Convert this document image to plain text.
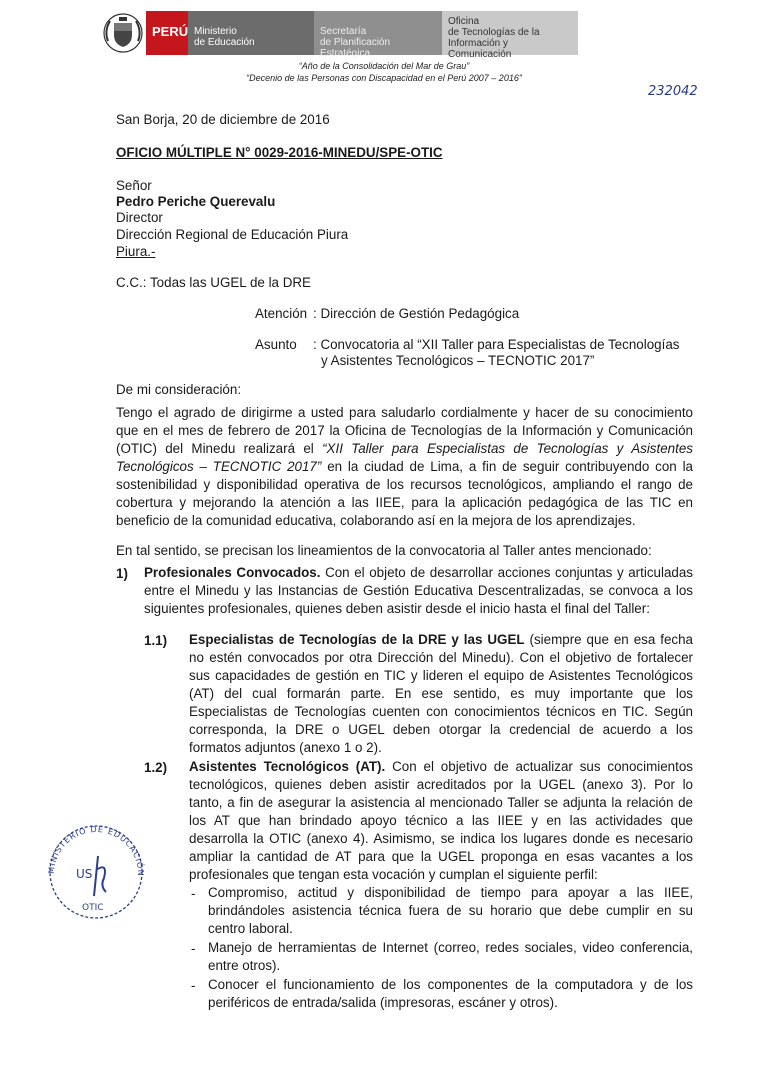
PERÚ Ministerio
de Educación
Secretaría
de Planificación Estratégica
Oficina
de Tecnologías de la
Información y Comunicación
“Año de la Consolidación del Mar de Grau”
“Decenio de las Personas con Discapacidad en el Perú 2007 – 2016”
232042
San Borja, 20 de diciembre de 2016
OFICIO MÚLTIPLE N° 0029-2016-MINEDU/SPE-OTIC
Señor
Pedro Periche Querevalu
Director
Dirección Regional de Educación Piura
Piura.-
C.C.: Todas las UGEL de la DRE
Atención : Dirección de Gestión Pedagógica
Asunto : Convocatoria al “XII Taller para Especialistas de Tecnologías
y Asistentes Tecnológicos – TECNOTIC 2017”
De mi consideración:
Tengo el agrado de dirigirme a usted para saludarlo cordialmente y hacer de su conocimiento
que en el mes de febrero de 2017 la Oficina de Tecnologías de la Información y Comunicación
(OTIC) del Minedu realizará el “XII Taller para Especialistas de Tecnologías y Asistentes
Tecnológicos – TECNOTIC 2017” en la ciudad de Lima, a fin de seguir contribuyendo con la
sostenibilidad y disponibilidad operativa de los recursos tecnológicos, ampliando el rango de
cobertura y mejorando la atención a las IIEE, para la aplicación pedagógica de las TIC en
beneficio de la comunidad educativa, colaborando así en la mejora de los aprendizajes.
En tal sentido, se precisan los lineamientos de la convocatoria al Taller antes mencionado:
1) Profesionales Convocados. Con el objeto de desarrollar acciones conjuntas y articuladas
entre el Minedu y las Instancias de Gestión Educativa Descentralizadas, se convoca a los
siguientes profesionales, quienes deben asistir desde el inicio hasta el final del Taller:
1.1) Especialistas de Tecnologías de la DRE y las UGEL (siempre que en esa fecha
no estén convocados por otra Dirección del Minedu). Con el objetivo de fortalecer
sus capacidades de gestión en TIC y lideren el equipo de Asistentes Tecnológicos
(AT) del cual formarán parte. En ese sentido, es muy importante que los
Especialistas de Tecnologías cuenten con conocimientos técnicos en TIC. Según
corresponda, la DRE o UGEL deben otorgar la credencial de acuerdo a los
formatos adjuntos (anexo 1 o 2).
1.2) Asistentes Tecnológicos (AT). Con el objetivo de actualizar sus conocimientos
tecnológicos, quienes deben asistir acreditados por la UGEL (anexo 3). Por lo
tanto, a fin de asegurar la asistencia al mencionado Taller se adjunta la relación de
los AT que han brindado apoyo técnico a las IIEE y en las actividades que
desarrolla la OTIC (anexo 4). Asimismo, se indica los lugares donde es necesario
ampliar la cantidad de AT para que la UGEL proponga en esas vacantes a los
profesionales que tengan esta vocación y cumplan el siguiente perfil:
- Compromiso, actitud y disponibilidad de tiempo para apoyar a las IIEE,
brindándoles asistencia técnica fuera de su horario que debe cumplir en su
centro laboral.
- Manejo de herramientas de Internet (correo, redes sociales, video conferencia,
entre otros).
- Conocer el funcionamiento de los componentes de la computadora y de los
periféricos de entrada/salida (impresoras, escáner y otros).
MINISTERIO DE EDUCACIÓN
US
OTIC
